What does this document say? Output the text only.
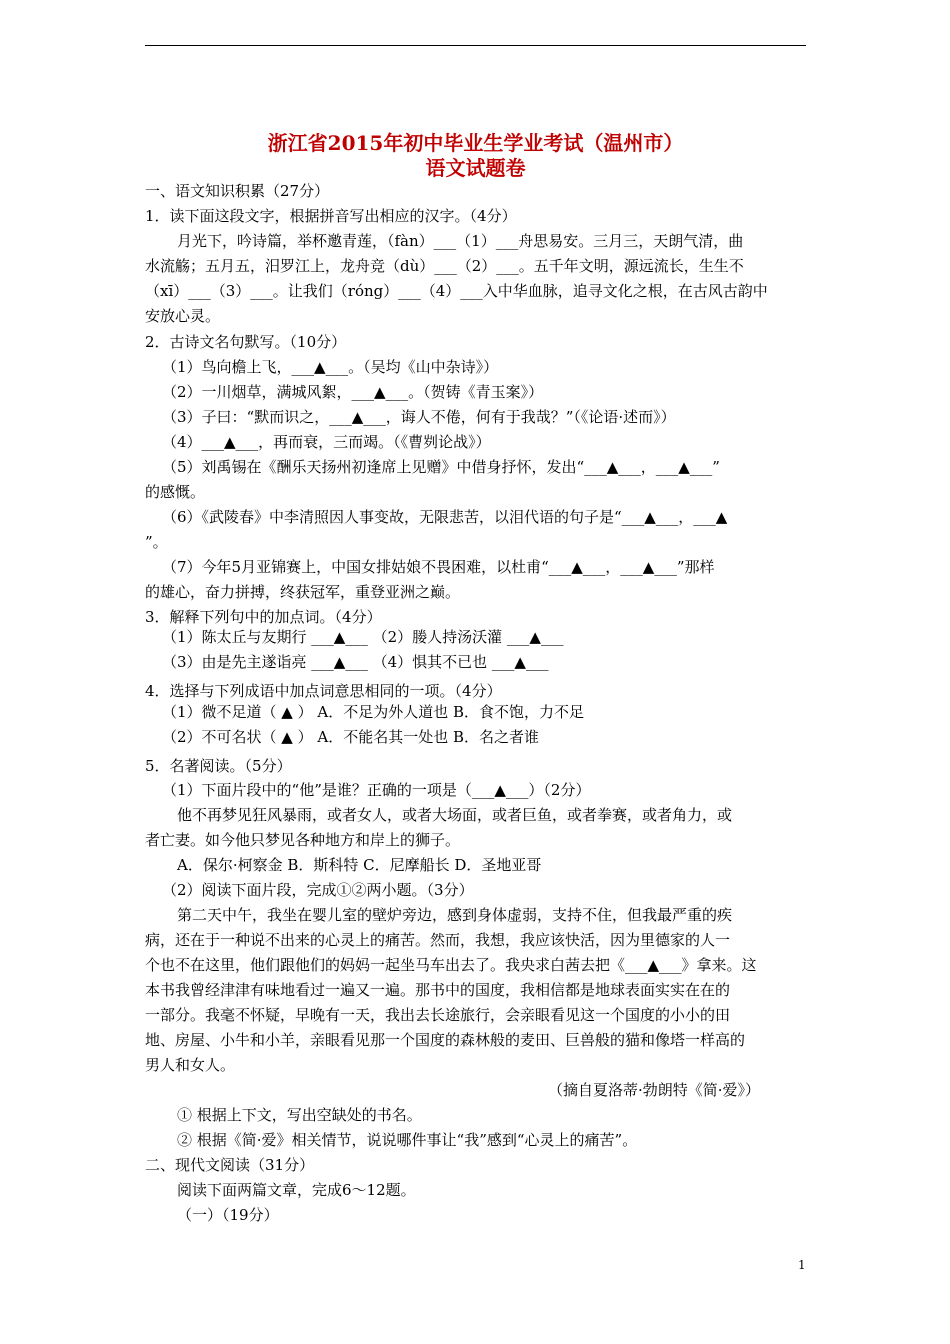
浙江省2015年初中毕业生学业考试（温州市）
语文试题卷
一、语文知识积累（27分）
1．读下面这段文字，根据拼音写出相应的汉字。（4分）
月光下，吟诗篇，举杯邀青莲，（fàn）___（1）___舟思易安。三月三，天朗气清，曲
水流觞；五月五，汨罗江上，龙舟竞（dù）___（2）___。五千年文明，源远流长，生生不
（xī）___（3）___。让我们（róng）___（4）___入中华血脉，追寻文化之根，在古风古韵中
安放心灵。
2．古诗文名句默写。（10分）
（1）鸟向檐上飞，___▲___。（吴均《山中杂诗》）
（2）一川烟草，满城风絮，___▲___。（贺铸《青玉案》）
（3）子曰：“默而识之，___▲___，诲人不倦，何有于我哉？”（《论语·述而》）
（4）___▲___，再而衰，三而竭。（《曹刿论战》）
（5）刘禹锡在《酬乐天扬州初逢席上见赠》中借身抒怀，发出“___▲___，___▲___”
的感慨。
（6）《武陵春》中李清照因人事变故，无限悲苦，以泪代语的句子是“___▲___，___▲
”。
（7）今年5月亚锦赛上，中国女排姑娘不畏困难，以杜甫“___▲___，___▲___”那样
的雄心，奋力拼搏，终获冠军，重登亚洲之巅。
3．解释下列句中的加点词。（4分）
（1）陈太丘与友期行 ___▲___ （2）媵人持汤沃灌 ___▲___
（3）由是先主遂诣亮 ___▲___ （4）惧其不已也 ___▲___
4．选择与下列成语中加点词意思相同的一项。（4分）
（1）微不足道（ ▲ ） A．不足为外人道也 B．食不饱，力不足
（2）不可名状（ ▲ ） A．不能名其一处也 B．名之者谁
5．名著阅读。（5分）
（1）下面片段中的“他”是谁？正确的一项是（___▲___）（2分）
他不再梦见狂风暴雨，或者女人，或者大场面，或者巨鱼，或者拳赛，或者角力，或
者亡妻。如今他只梦见各种地方和岸上的狮子。
A．保尔·柯察金 B．斯科特 C．尼摩船长 D．圣地亚哥
（2）阅读下面片段，完成①②两小题。（3分）
第二天中午，我坐在婴儿室的壁炉旁边，感到身体虚弱，支持不住，但我最严重的疾
病，还在于一种说不出来的心灵上的痛苦。然而，我想，我应该快活，因为里德家的人一
个也不在这里，他们跟他们的妈妈一起坐马车出去了。我央求白茜去把《___▲___》拿来。这
本书我曾经津津有味地看过一遍又一遍。那书中的国度，我相信都是地球表面实实在在的
一部分。我毫不怀疑，早晚有一天，我出去长途旅行，会亲眼看见这一个国度的小小的田
地、房屋、小牛和小羊，亲眼看见那一个国度的森林般的麦田、巨兽般的猫和像塔一样高的
男人和女人。
（摘自夏洛蒂·勃朗特《简·爱》）
① 根据上下文，写出空缺处的书名。
② 根据《简·爱》相关情节，说说哪件事让“我”感到“心灵上的痛苦”。
二、现代文阅读（31分）
阅读下面两篇文章，完成6～12题。
（一）（19分）
1
